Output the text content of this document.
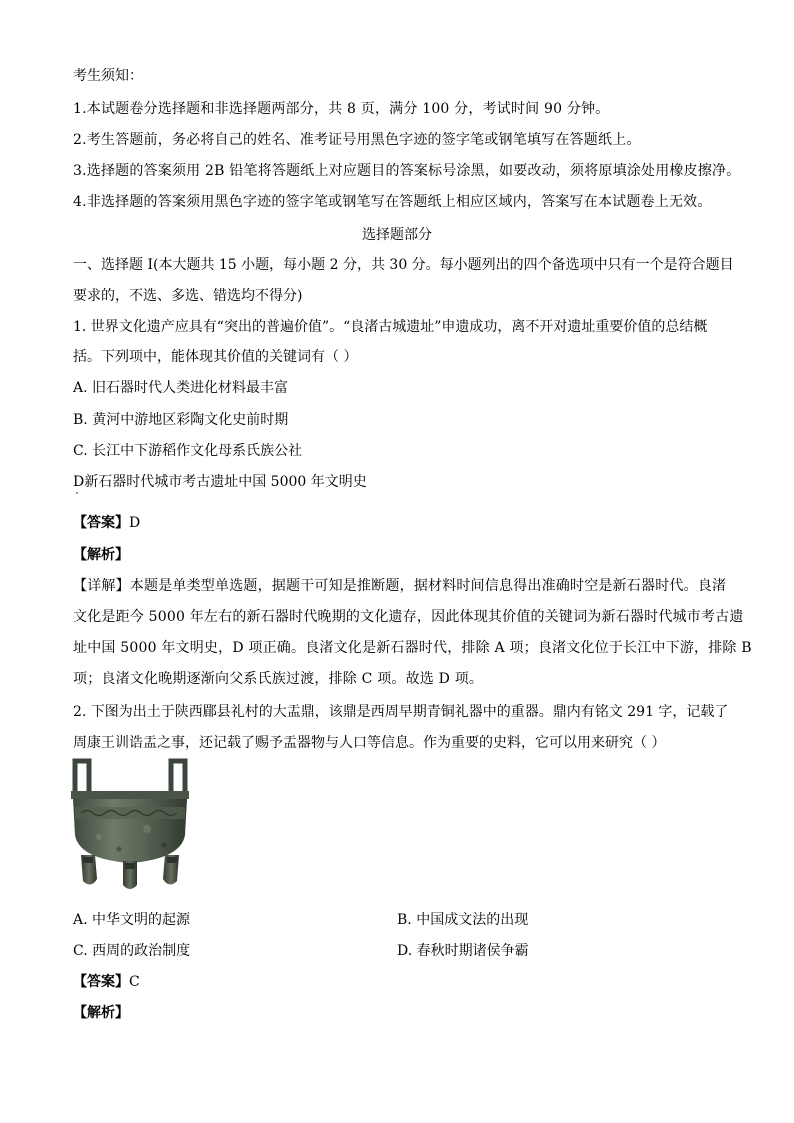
考生须知：
1.本试题卷分选择题和非选择题两部分，共 8 页，满分 100 分，考试时间 90 分钟。
2.考生答题前，务必将自己的姓名、准考证号用黑色字迹的签字笔或钢笔填写在答题纸上。
3.选择题的答案须用 2B 铅笔将答题纸上对应题目的答案标号涂黑，如要改动，须将原填涂处用橡皮擦净。
4.非选择题的答案须用黑色字迹的签字笔或钢笔写在答题纸上相应区域内，答案写在本试题卷上无效。
选择题部分
一、选择题 I(本大题共 15 小题，每小题 2 分，共 30 分。每小题列出的四个备选项中只有一个是符合题目
要求的，不选、多选、错选均不得分)
1. 世界文化遗产应具有“突出的普遍价值”。“良渚古城遗址”申遗成功，离不开对遗址重要价值的总结概
括。下列项中，能体现其价值的关键词有（ ）
A. 旧石器时代人类进化材料最丰富
B. 黄河中游地区彩陶文化史前时期
C. 长江中下游稻作文化母系氏族公社
D新石器时代城市考古遗址中国 5000 年文明史
【答案】D
【解析】
【详解】本题是单类型单选题，据题干可知是推断题，据材料时间信息得出准确时空是新石器时代。良渚
文化是距今 5000 年左右的新石器时代晚期的文化遗存，因此体现其价值的关键词为新石器时代城市考古遗
址中国 5000 年文明史，D 项正确。良渚文化是新石器时代，排除 A 项；良渚文化位于长江中下游，排除 B
项；良渚文化晚期逐渐向父系氏族过渡，排除 C 项。故选 D 项。
2. 下图为出土于陕西郿县礼村的大盂鼎，该鼎是西周早期青铜礼器中的重器。鼎内有铭文 291 字，记载了
周康王训诰盂之事，还记载了赐予盂器物与人口等信息。作为重要的史料，它可以用来研究（ ）
A. 中华文明的起源	B. 中国成文法的出现
C. 西周的政治制度	D. 春秋时期诸侯争霸
【答案】C
【解析】
